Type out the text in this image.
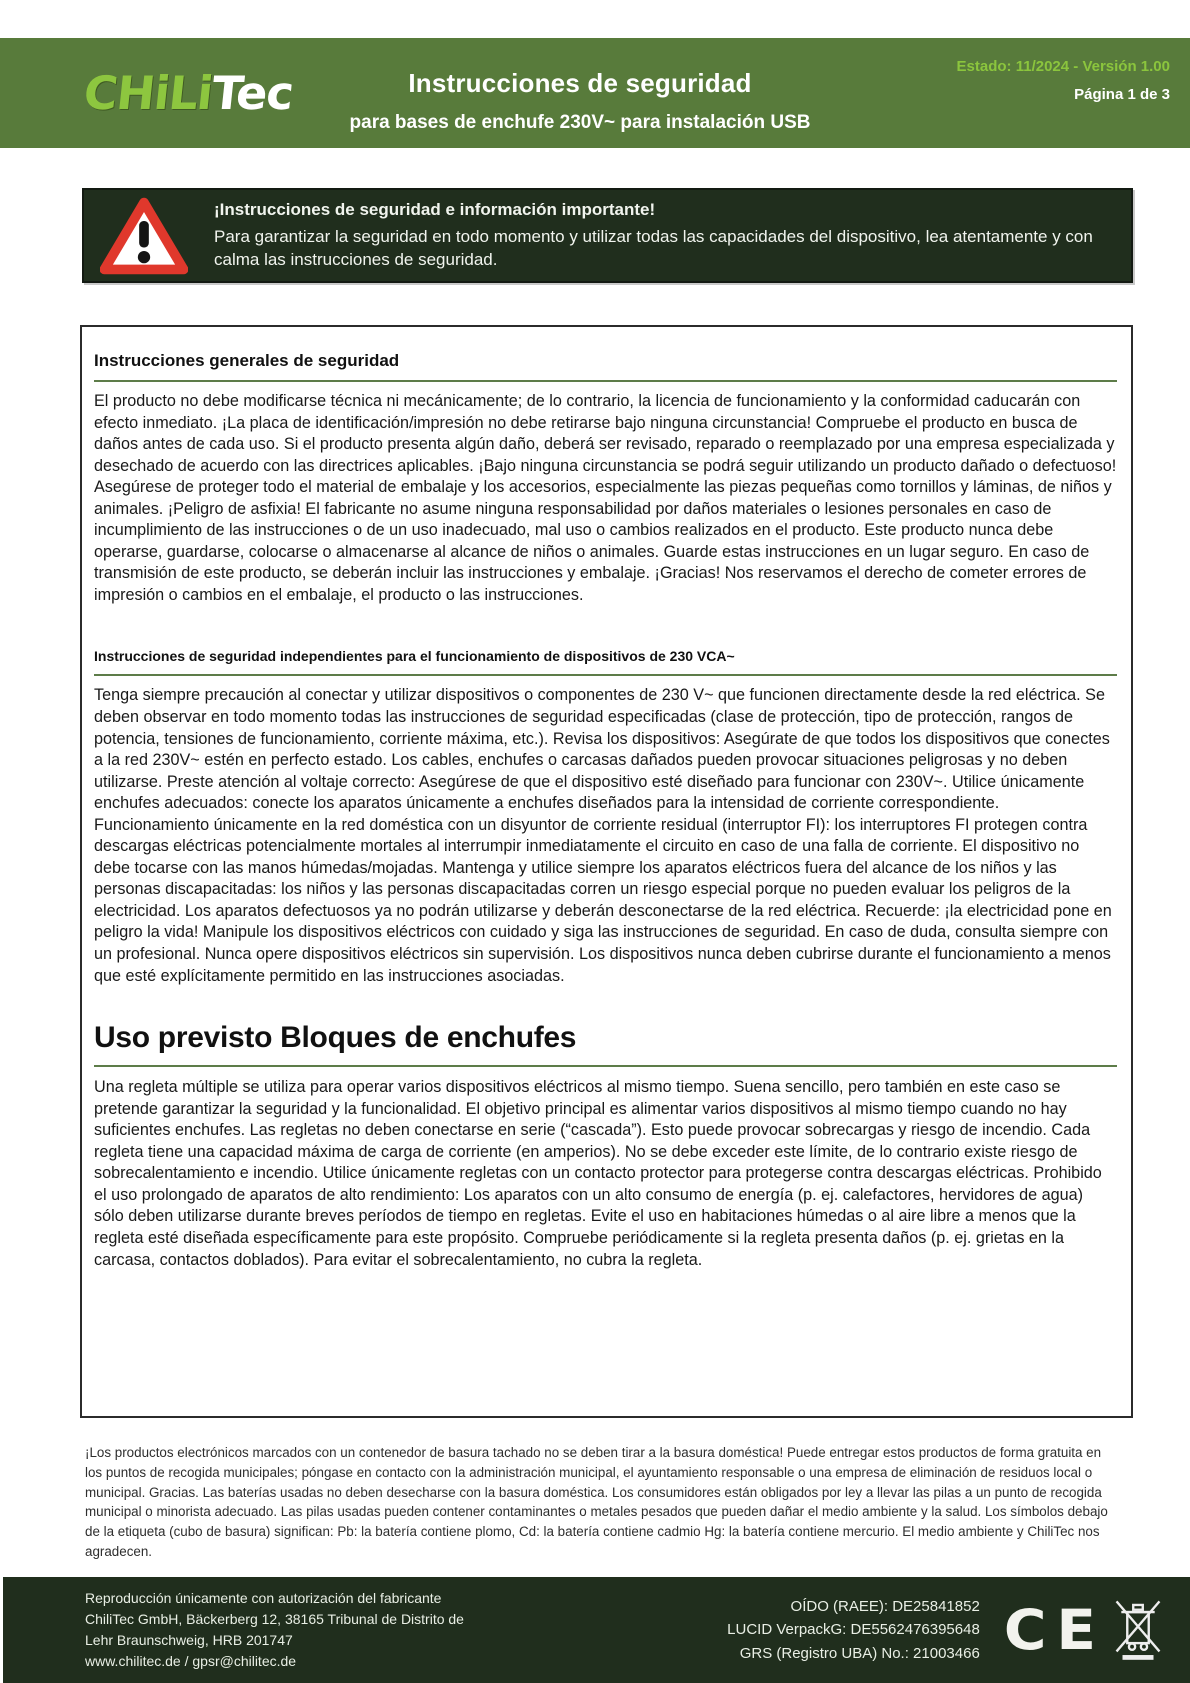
CHiLiTec	Instrucciones de seguridad
para bases de enchufe 230V~ para instalación USB
Estado: 11/2024 - Versión 1.00
Página 1 de 3
¡Instrucciones de seguridad e información importante!
Para garantizar la seguridad en todo momento y utilizar todas las capacidades del dispositivo, lea atentamente y con calma las instrucciones de seguridad.
Instrucciones generales de seguridad

El producto no debe modificarse técnica ni mecánicamente; de lo contrario, la licencia de funcionamiento y la conformidad caducarán con efecto inmediato. ¡La placa de identificación/impresión no debe retirarse bajo ninguna circunstancia! Compruebe el producto en busca de daños antes de cada uso. Si el producto presenta algún daño, deberá ser revisado, reparado o reemplazado por una empresa especializada y desechado de acuerdo con las directrices aplicables. ¡Bajo ninguna circunstancia se podrá seguir utilizando un producto dañado o defectuoso! Asegúrese de proteger todo el material de embalaje y los accesorios, especialmente las piezas pequeñas como tornillos y láminas, de niños y animales. ¡Peligro de asfixia! El fabricante no asume ninguna responsabilidad por daños materiales o lesiones personales en caso de incumplimiento de las instrucciones o de un uso inadecuado, mal uso o cambios realizados en el producto. Este producto nunca debe operarse, guardarse, colocarse o almacenarse al alcance de niños o animales. Guarde estas instrucciones en un lugar seguro. En caso de transmisión de este producto, se deberán incluir las instrucciones y embalaje. ¡Gracias! Nos reservamos el derecho de cometer errores de impresión o cambios en el embalaje, el producto o las instrucciones.

Instrucciones de seguridad independientes para el funcionamiento de dispositivos de 230 VCA~

Tenga siempre precaución al conectar y utilizar dispositivos o componentes de 230 V~ que funcionen directamente desde la red eléctrica. Se deben observar en todo momento todas las instrucciones de seguridad especificadas (clase de protección, tipo de protección, rangos de potencia, tensiones de funcionamiento, corriente máxima, etc.). Revisa los dispositivos: Asegúrate de que todos los dispositivos que conectes a la red 230V~ estén en perfecto estado. Los cables, enchufes o carcasas dañados pueden provocar situaciones peligrosas y no deben utilizarse. Preste atención al voltaje correcto: Asegúrese de que el dispositivo esté diseñado para funcionar con 230V~. Utilice únicamente enchufes adecuados: conecte los aparatos únicamente a enchufes diseñados para la intensidad de corriente correspondiente. Funcionamiento únicamente en la red doméstica con un disyuntor de corriente residual (interruptor FI): los interruptores FI protegen contra descargas eléctricas potencialmente mortales al interrumpir inmediatamente el circuito en caso de una falla de corriente. El dispositivo no debe tocarse con las manos húmedas/mojadas. Mantenga y utilice siempre los aparatos eléctricos fuera del alcance de los niños y las personas discapacitadas: los niños y las personas discapacitadas corren un riesgo especial porque no pueden evaluar los peligros de la electricidad. Los aparatos defectuosos ya no podrán utilizarse y deberán desconectarse de la red eléctrica. Recuerde: ¡la electricidad pone en peligro la vida! Manipule los dispositivos eléctricos con cuidado y siga las instrucciones de seguridad. En caso de duda, consulta siempre con un profesional. Nunca opere dispositivos eléctricos sin supervisión. Los dispositivos nunca deben cubrirse durante el funcionamiento a menos que esté explícitamente permitido en las instrucciones asociadas.

Uso previsto Bloques de enchufes

Una regleta múltiple se utiliza para operar varios dispositivos eléctricos al mismo tiempo. Suena sencillo, pero también en este caso se pretende garantizar la seguridad y la funcionalidad. El objetivo principal es alimentar varios dispositivos al mismo tiempo cuando no hay suficientes enchufes. Las regletas no deben conectarse en serie (“cascada”). Esto puede provocar sobrecargas y riesgo de incendio. Cada regleta tiene una capacidad máxima de carga de corriente (en amperios). No se debe exceder este límite, de lo contrario existe riesgo de sobrecalentamiento e incendio. Utilice únicamente regletas con un contacto protector para protegerse contra descargas eléctricas. Prohibido el uso prolongado de aparatos de alto rendimiento: Los aparatos con un alto consumo de energía (p. ej. calefactores, hervidores de agua) sólo deben utilizarse durante breves períodos de tiempo en regletas. Evite el uso en habitaciones húmedas o al aire libre a menos que la regleta esté diseñada específicamente para este propósito. Compruebe periódicamente si la regleta presenta daños (p. ej. grietas en la carcasa, contactos doblados). Para evitar el sobrecalentamiento, no cubra la regleta.

¡Los productos electrónicos marcados con un contenedor de basura tachado no se deben tirar a la basura doméstica! Puede entregar estos productos de forma gratuita en los puntos de recogida municipales; póngase en contacto con la administración municipal, el ayuntamiento responsable o una empresa de eliminación de residuos local o municipal. Gracias. Las baterías usadas no deben desecharse con la basura doméstica. Los consumidores están obligados por ley a llevar las pilas a un punto de recogida municipal o minorista adecuado. Las pilas usadas pueden contener contaminantes o metales pesados que pueden dañar el medio ambiente y la salud. Los símbolos debajo de la etiqueta (cubo de basura) significan: Pb: la batería contiene plomo, Cd: la batería contiene cadmio Hg: la batería contiene mercurio. El medio ambiente y ChiliTec nos agradecen.
Reproducción únicamente con autorización del fabricante
ChiliTec GmbH, Bäckerberg 12, 38165 Tribunal de Distrito de
Lehr Braunschweig, HRB 201747
www.chilitec.de / gpsr@chilitec.de
OÍDO (RAEE): DE25841852
LUCID VerpackG: DE5562476395648
GRS (Registro UBA) No.: 21003466 CE
